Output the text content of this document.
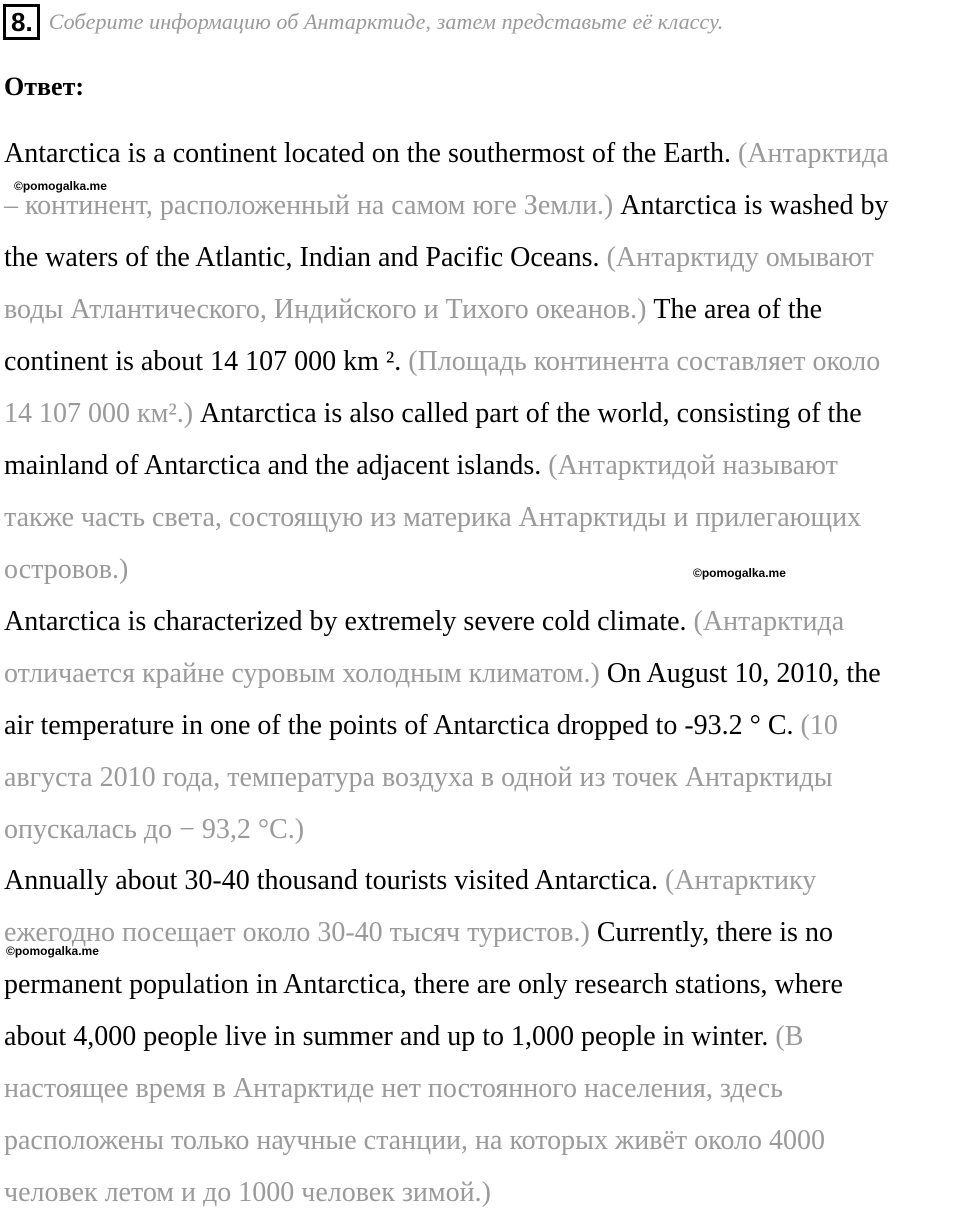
8. Соберите информацию об Антарктиде, затем представьте её классу.
Ответ:
Antarctica is a continent located on the southermost of the Earth. (Антарктида
– континент, расположенный на самом юге Земли.) Antarctica is washed by
the waters of the Atlantic, Indian and Pacific Oceans. (Антарктиду омывают
воды Атлантического, Индийского и Тихого океанов.) The area of the
continent is about 14 107 000 km ². (Площадь континента составляет около
14 107 000 км².) Antarctica is also called part of the world, consisting of the
mainland of Antarctica and the adjacent islands. (Антарктидой называют
также часть света, состоящую из материка Антарктиды и прилегающих
островов.)
Antarctica is characterized by extremely severe cold climate. (Антарктида
отличается крайне суровым холодным климатом.) On August 10, 2010, the
air temperature in one of the points of Antarctica dropped to -93.2 ° C. (10
августа 2010 года, температура воздуха в одной из точек Антарктиды
опускалась до − 93,2 °C.)
Annually about 30-40 thousand tourists visited Antarctica. (Антарктику
ежегодно посещает около 30-40 тысяч туристов.) Currently, there is no
permanent population in Antarctica, there are only research stations, where
about 4,000 people live in summer and up to 1,000 people in winter. (В
настоящее время в Антарктиде нет постоянного населения, здесь
расположены только научные станции, на которых живёт около 4000
человек летом и до 1000 человек зимой.)
©pomogalka.me
©pomogalka.me
©pomogalka.me
